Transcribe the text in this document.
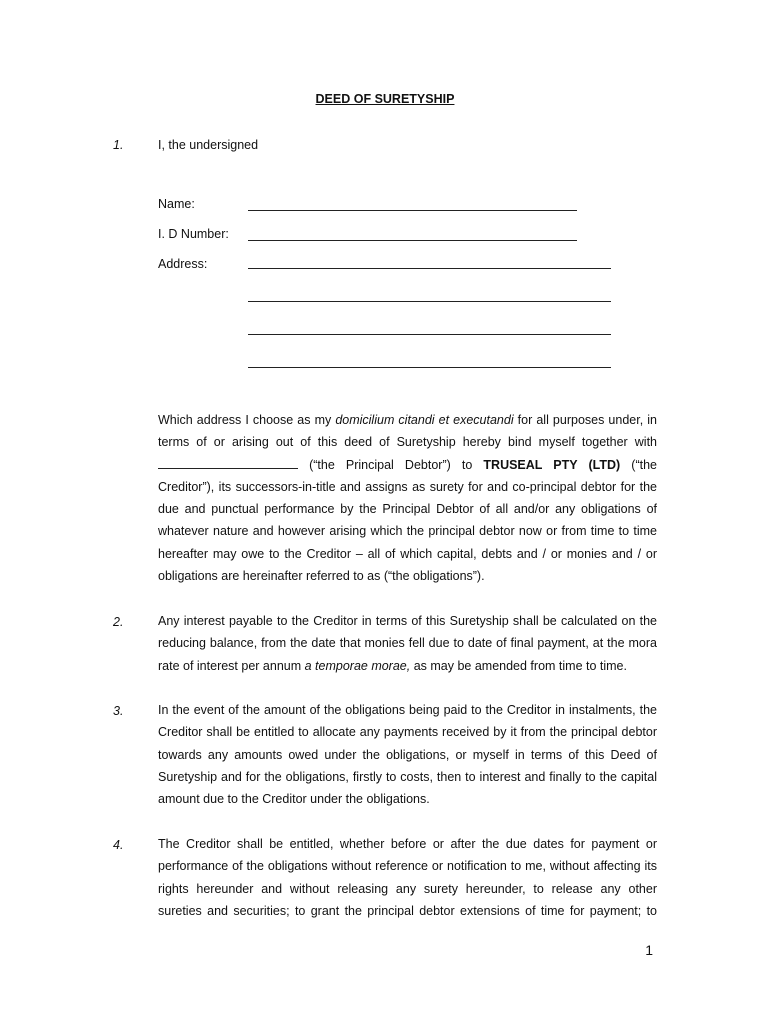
DEED OF SURETYSHIP
1.	I, the undersigned
Name:
I. D Number:
Address:
Which address I choose as my domicilium citandi et executandi for all purposes under, in
terms of or arising out of this deed of Suretyship hereby bind myself together with
(“the Principal Debtor”) to TRUSEAL PTY (LTD) (“the
Creditor”), its successors-in-title and assigns as surety for and co-principal debtor for the
due and punctual performance by the Principal Debtor of all and/or any obligations of
whatever nature and however arising which the principal debtor now or from time to time
hereafter may owe to the Creditor – all of which capital, debts and / or monies and / or
obligations are hereinafter referred to as (“the obligations”).
2.	Any interest payable to the Creditor in terms of this Suretyship shall be calculated on the
reducing balance, from the date that monies fell due to date of final payment, at the mora
rate of interest per annum a temporae morae, as may be amended from time to time.
3.	In the event of the amount of the obligations being paid to the Creditor in instalments, the
Creditor shall be entitled to allocate any payments received by it from the principal debtor
towards any amounts owed under the obligations, or myself in terms of this Deed of
Suretyship and for the obligations, firstly to costs, then to interest and finally to the capital
amount due to the Creditor under the obligations.
4.	The Creditor shall be entitled, whether before or after the due dates for payment or
performance of the obligations without reference or notification to me, without affecting its
rights hereunder and without releasing any surety hereunder, to release any other
sureties and securities; to grant the principal debtor extensions of time for payment; to
1
